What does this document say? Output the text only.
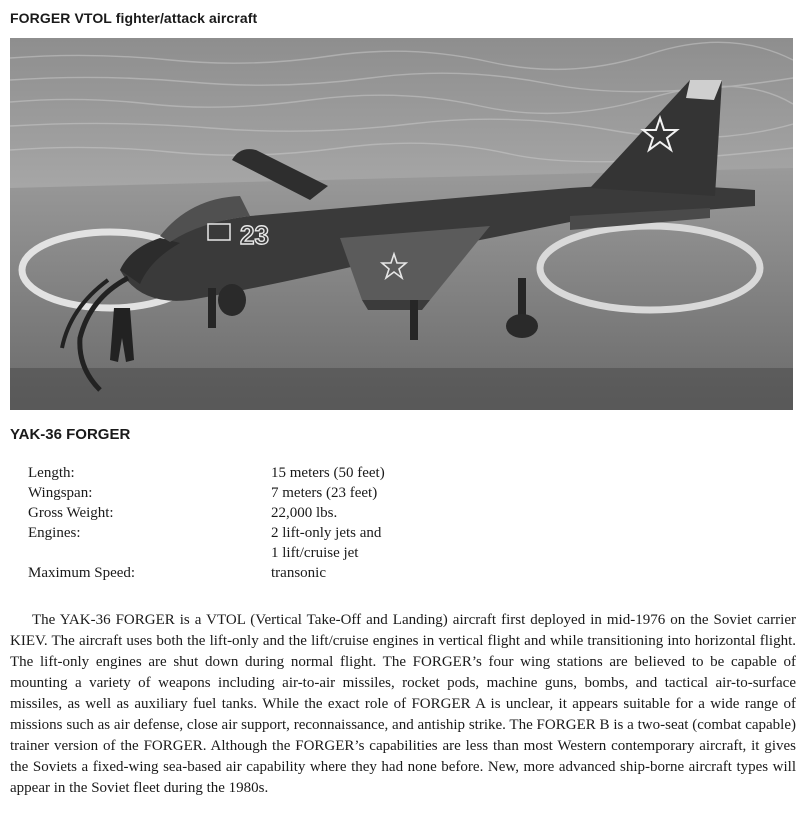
FORGER VTOL fighter/attack aircraft
23
YAK-36 FORGER
Length:	15 meters (50 feet)
Wingspan:	7 meters (23 feet)
Gross Weight:	22,000 lbs.
Engines:	2 lift-only jets and
1 lift/cruise jet
Maximum Speed:	transonic

The YAK-36 FORGER is a VTOL (Vertical Take-Off and Landing) aircraft first deployed in mid-1976 on the Soviet carrier KIEV. The aircraft uses both the lift-only and the lift/cruise engines in vertical flight and while transitioning into horizontal flight. The lift-only engines are shut down during normal flight. The FORGER’s four wing stations are believed to be capable of mounting a variety of weapons including air-to-air missiles, rocket pods, machine guns, bombs, and tactical air-to-surface missiles, as well as auxiliary fuel tanks. While the exact role of FORGER A is unclear, it appears suitable for a wide range of missions such as air defense, close air support, reconnaissance, and antiship strike. The FORGER B is a two-seat (combat capable) trainer version of the FORGER. Although the FORGER’s capabilities are less than most Western contemporary aircraft, it gives the Soviets a fixed-wing sea-based air capability where they had none before. New, more advanced ship-borne aircraft types will appear in the Soviet fleet during the 1980s.
